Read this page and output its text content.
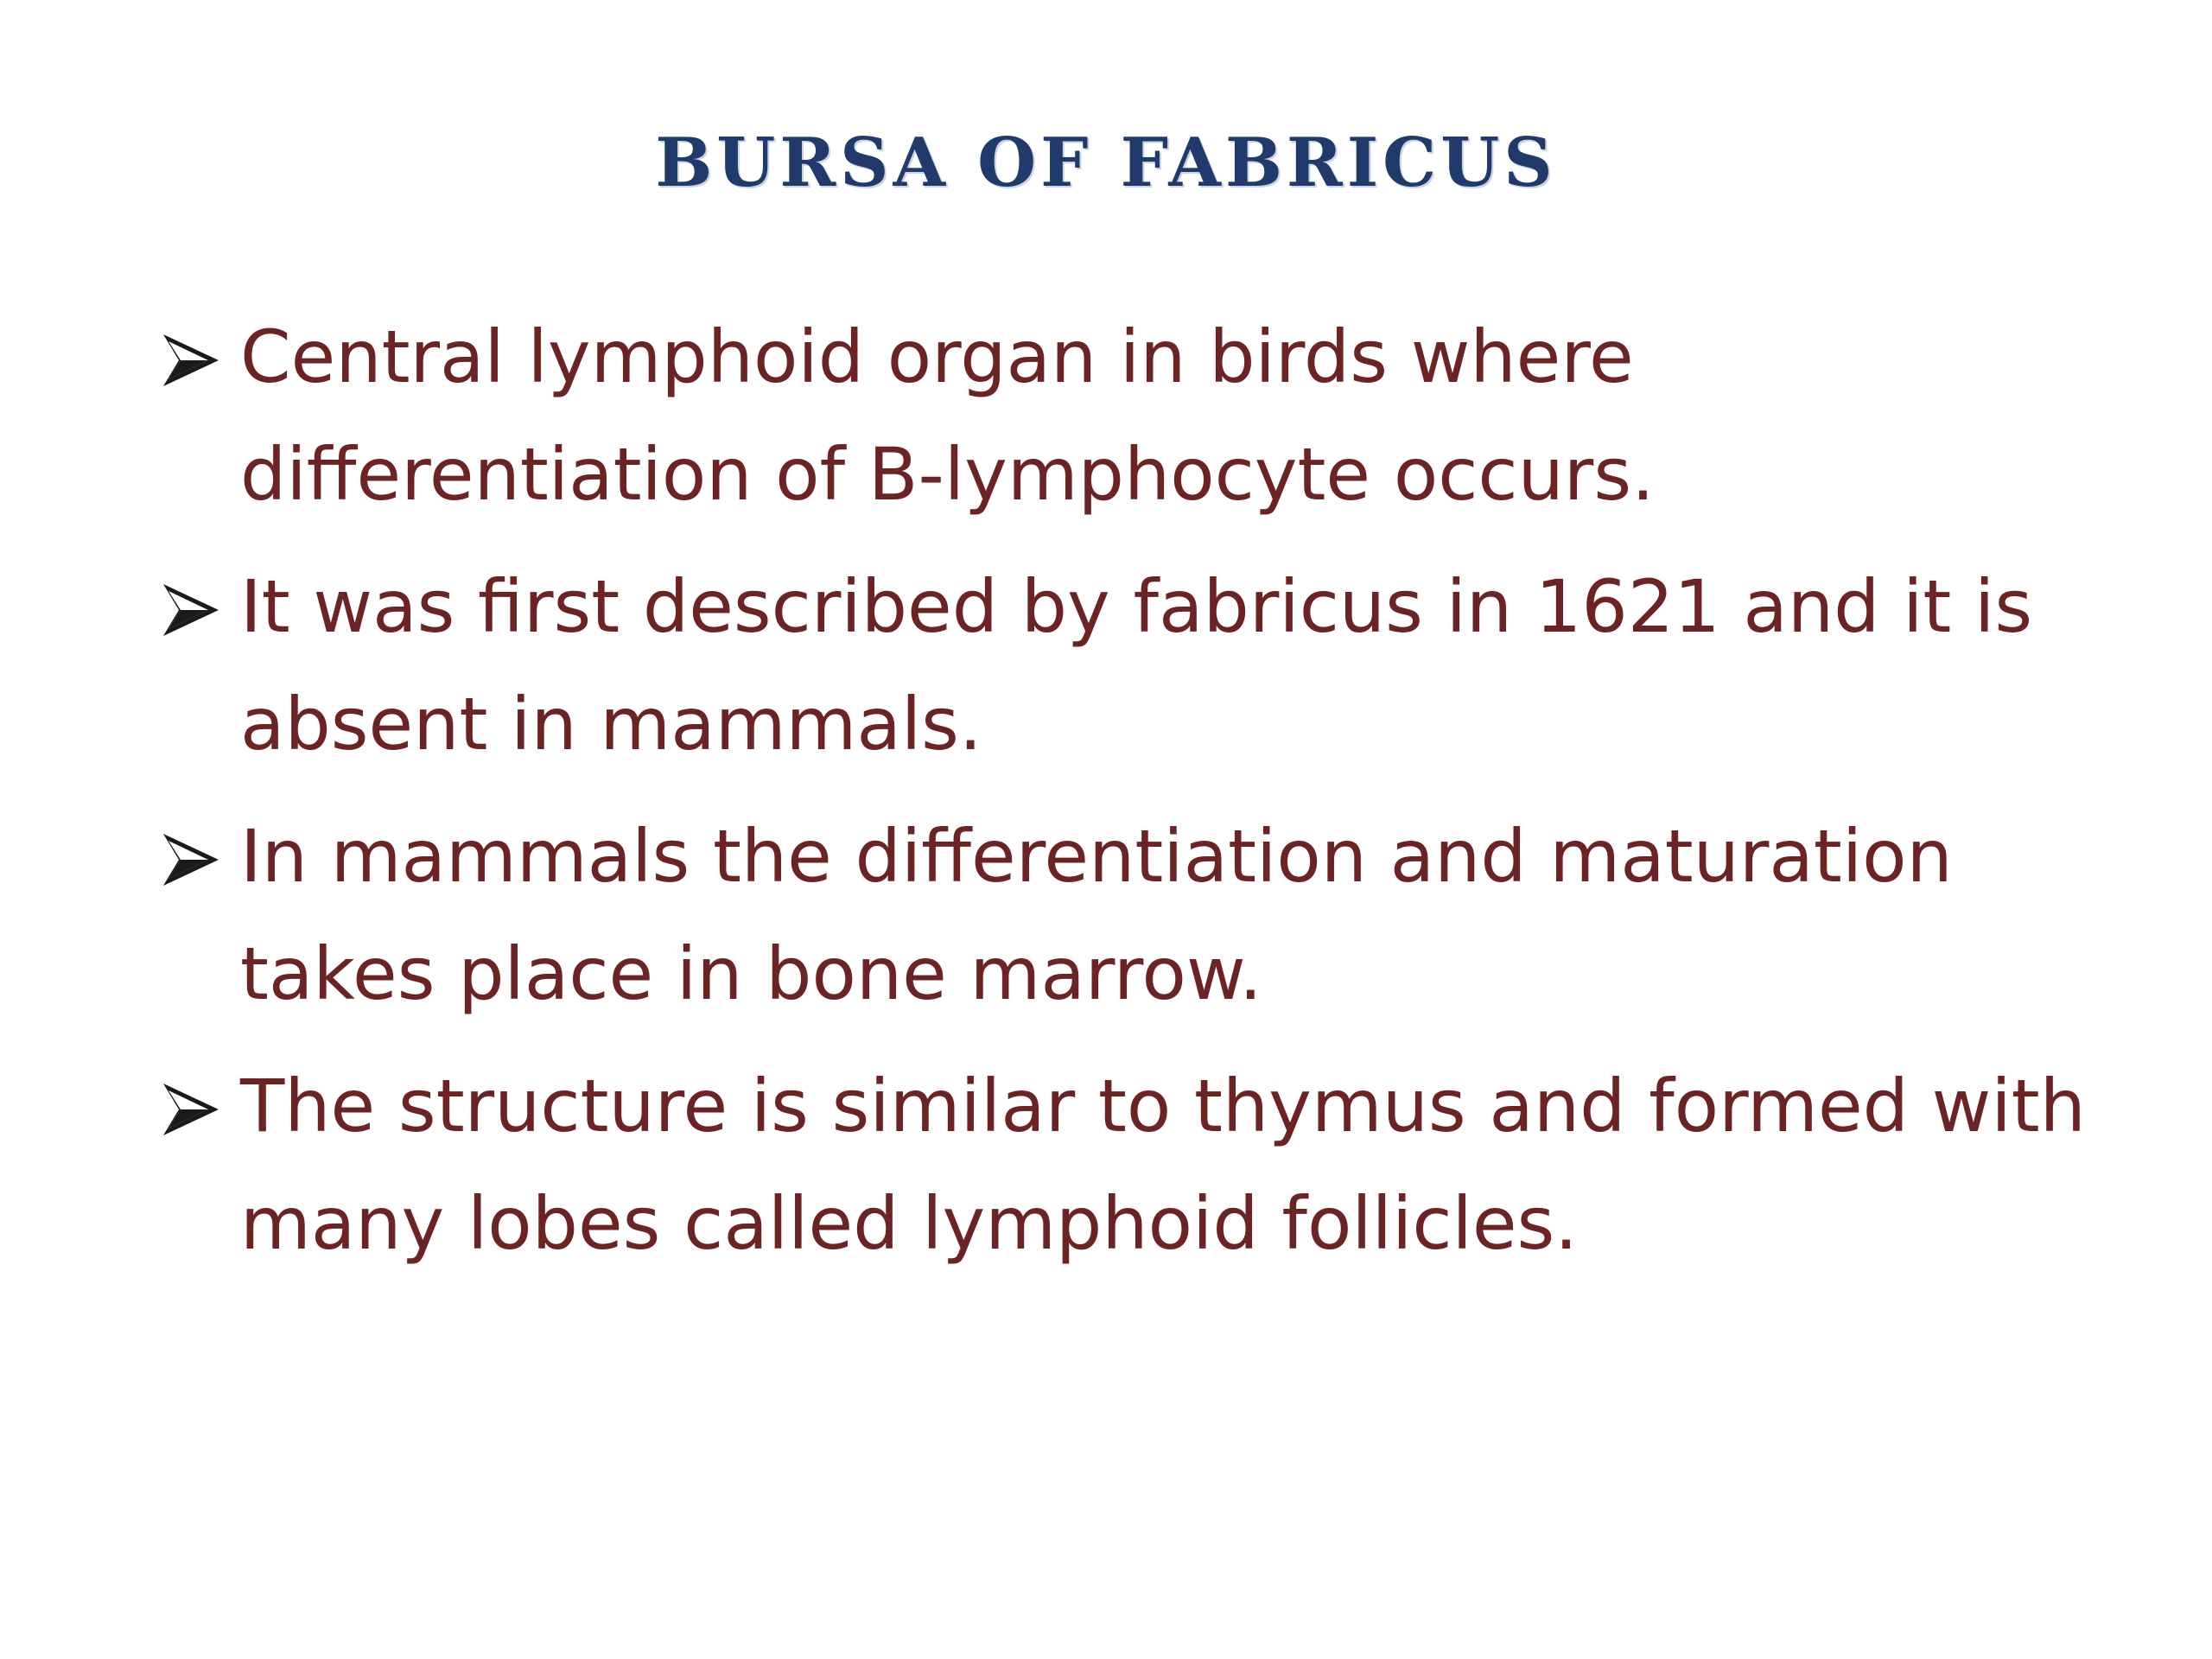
BURSA OF FABRICUS
Central lymphoid organ in birds where differentiation of B-lymphocyte occurs.
It was first described by fabricus in 1621 and it is absent in mammals.
In mammals the differentiation and maturation takes place in bone marrow.
The structure is similar to thymus and formed with many lobes called lymphoid follicles.
